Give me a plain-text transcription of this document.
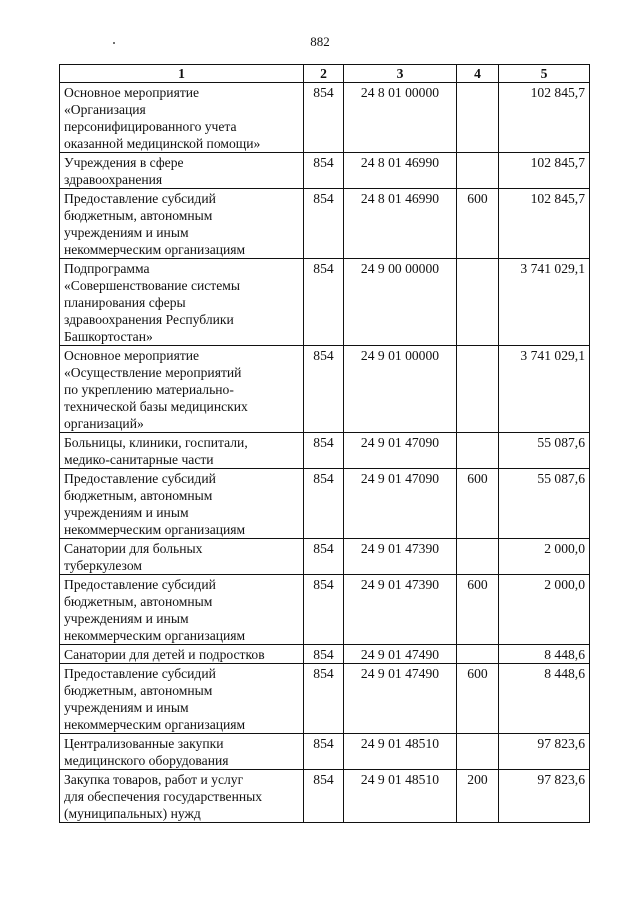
882
1	2	3	4	5
Основное мероприятие
«Организация
персонифицированного учета
оказанной медицинской помощи»	854	24 8 01 00000		102 845,7
Учреждения в сфере
здравоохранения	854	24 8 01 46990		102 845,7
Предоставление субсидий
бюджетным, автономным
учреждениям и иным
некоммерческим организациям	854	24 8 01 46990	600	102 845,7
Подпрограмма
«Совершенствование системы
планирования сферы
здравоохранения Республики
Башкортостан»	854	24 9 00 00000		3 741 029,1
Основное мероприятие
«Осуществление мероприятий
по укреплению материально-
технической базы медицинских
организаций»	854	24 9 01 00000		3 741 029,1
Больницы, клиники, госпитали,
медико-санитарные части	854	24 9 01 47090		55 087,6
Предоставление субсидий
бюджетным, автономным
учреждениям и иным
некоммерческим организациям	854	24 9 01 47090	600	55 087,6
Санатории для больных
туберкулезом	854	24 9 01 47390		2 000,0
Предоставление субсидий
бюджетным, автономным
учреждениям и иным
некоммерческим организациям	854	24 9 01 47390	600	2 000,0
Санатории для детей и подростков	854	24 9 01 47490		8 448,6
Предоставление субсидий
бюджетным, автономным
учреждениям и иным
некоммерческим организациям	854	24 9 01 47490	600	8 448,6
Централизованные закупки
медицинского оборудования	854	24 9 01 48510		97 823,6
Закупка товаров, работ и услуг
для обеспечения государственных
(муниципальных) нужд	854	24 9 01 48510	200	97 823,6
